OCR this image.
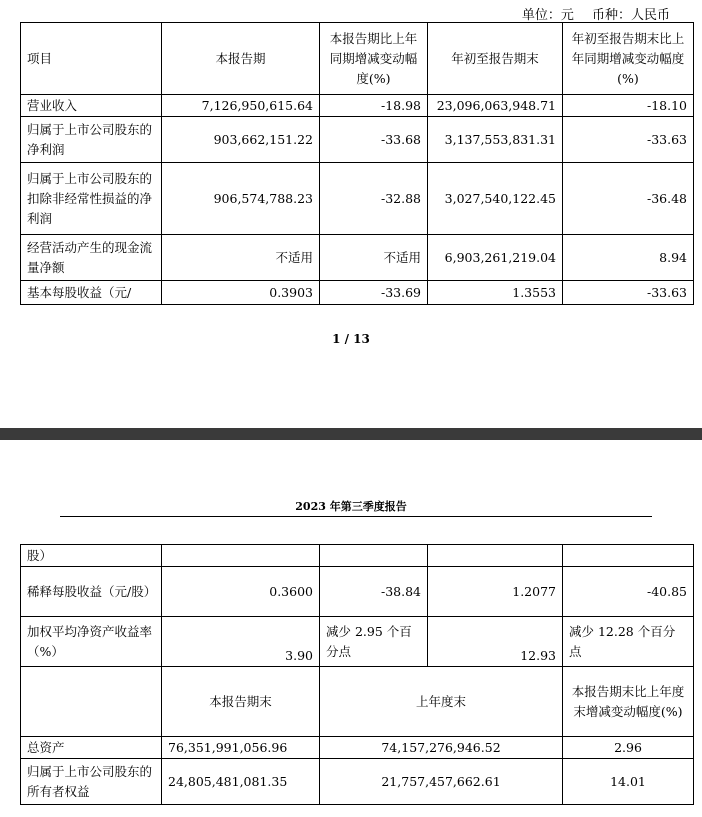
单位：元 币种：人民币
项目	本报告期	本报告期比上年同期增减变动幅度(%)	年初至报告期末	年初至报告期末比上年同期增减变动幅度(%)
营业收入	7,126,950,615.64	-18.98	23,096,063,948.71	-18.10
归属于上市公司股东的净利润	903,662,151.22	-33.68	3,137,553,831.31	-33.63
归属于上市公司股东的扣除非经常性损益的净利润	906,574,788.23	-32.88	3,027,540,122.45	-36.48
经营活动产生的现金流量净额	不适用	不适用	6,903,261,219.04	8.94
基本每股收益（元/	0.3903	-33.69	1.3553	-33.63
1 / 13
2023 年第三季度报告
股）				
稀释每股收益（元/股）	0.3600	-38.84	1.2077	-40.85
加权平均净资产收益率（%）	3.90	减少 2.95 个百分点	12.93	减少 12.28 个百分点
	本报告期末	上年度末		本报告期末比上年度末增减变动幅度(%)
总资产	76,351,991,056.96	74,157,276,946.52		2.96
归属于上市公司股东的所有者权益	24,805,481,081.35	21,757,457,662.61		14.01
